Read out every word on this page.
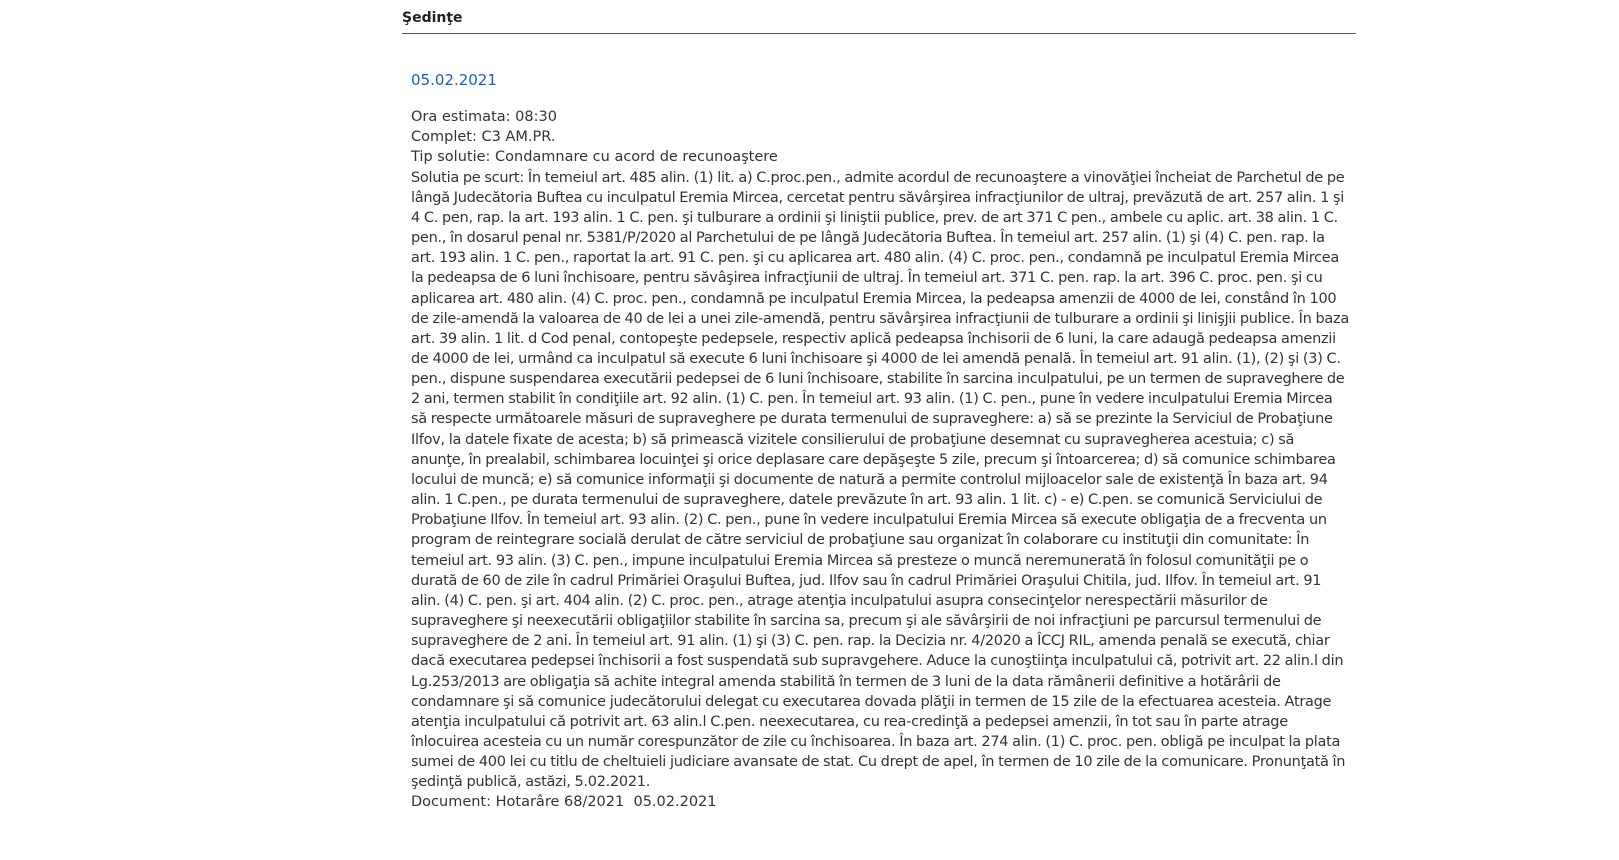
Şedinţe
05.02.2021
Ora estimata: 08:30
Complet: C3 AM.PR.
Tip solutie: Condamnare cu acord de recunoaştere
Solutia pe scurt: În temeiul art. 485 alin. (1) lit. a) C.proc.pen., admite acordul de recunoaştere a vinovăţiei încheiat de Parchetul de pe lângă Judecătoria Buftea cu inculpatul Eremia Mircea, cercetat pentru săvârşirea infracţiunilor de ultraj, prevăzută de art. 257 alin. 1 şi 4 C. pen, rap. la art. 193 alin. 1 C. pen. şi tulburare a ordinii şi liniştii publice, prev. de art 371 C pen., ambele cu aplic. art. 38 alin. 1 C. pen., în dosarul penal nr. 5381/P/2020 al Parchetului de pe lângă Judecătoria Buftea. În temeiul art. 257 alin. (1) şi (4) C. pen. rap. la art. 193 alin. 1 C. pen., raportat la art. 91 C. pen. şi cu aplicarea art. 480 alin. (4) C. proc. pen., condamnă pe inculpatul Eremia Mircea la pedeapsa de 6 luni închisoare, pentru săvâşirea infracţiunii de ultraj. În temeiul art. 371 C. pen. rap. la art. 396 C. proc. pen. şi cu aplicarea art. 480 alin. (4) C. proc. pen., condamnă pe inculpatul Eremia Mircea, la pedeapsa amenzii de 4000 de lei, constând în 100 de zile-amendă la valoarea de 40 de lei a unei zile-amendă, pentru săvârşirea infracţiunii de tulburare a ordinii şi linişjii publice. În baza art. 39 alin. 1 lit. d Cod penal, contopeşte pedepsele, respectiv aplică pedeapsa închisorii de 6 luni, la care adaugă pedeapsa amenzii de 4000 de lei, urmând ca inculpatul să execute 6 luni închisoare şi 4000 de lei amendă penală. În temeiul art. 91 alin. (1), (2) şi (3) C. pen., dispune suspendarea executării pedepsei de 6 luni închisoare, stabilite în sarcina inculpatului, pe un termen de supraveghere de 2 ani, termen stabilit în condiţiile art. 92 alin. (1) C. pen. În temeiul art. 93 alin. (1) C. pen., pune în vedere inculpatului Eremia Mircea să respecte următoarele măsuri de supraveghere pe durata termenului de supraveghere: a) să se prezinte la Serviciul de Probaţiune Ilfov, la datele fixate de acesta; b) să primească vizitele consilierului de probaţiune desemnat cu supravegherea acestuia; c) să anunţe, în prealabil, schimbarea locuinţei şi orice deplasare care depăşeşte 5 zile, precum şi întoarcerea; d) să comunice schimbarea locului de muncă; e) să comunice informaţii şi documente de natură a permite controlul mijloacelor sale de existenţă În baza art. 94 alin. 1 C.pen., pe durata termenului de supraveghere, datele prevăzute în art. 93 alin. 1 lit. c) - e) C.pen. se comunică Serviciului de Probaţiune Ilfov. În temeiul art. 93 alin. (2) C. pen., pune în vedere inculpatului Eremia Mircea să execute obligaţia de a frecventa un program de reintegrare socială derulat de către serviciul de probaţiune sau organizat în colaborare cu instituţii din comunitate: În temeiul art. 93 alin. (3) C. pen., impune inculpatului Eremia Mircea să presteze o muncă neremunerată în folosul comunităţii pe o durată de 60 de zile în cadrul Primăriei Oraşului Buftea, jud. Ilfov sau în cadrul Primăriei Oraşului Chitila, jud. Ilfov. În temeiul art. 91 alin. (4) C. pen. şi art. 404 alin. (2) C. proc. pen., atrage atenţia inculpatului asupra consecinţelor nerespectării măsurilor de supraveghere şi neexecutării obligaţiilor stabilite în sarcina sa, precum şi ale săvârşirii de noi infracţiuni pe parcursul termenului de supraveghere de 2 ani. În temeiul art. 91 alin. (1) şi (3) C. pen. rap. la Decizia nr. 4/2020 a ÎCCJ RIL, amenda penală se execută, chiar dacă executarea pedepsei închisorii a fost suspendată sub supravgehere. Aduce la cunoştiinţa inculpatului că, potrivit art. 22 alin.l din Lg.253/2013 are obligaţia să achite integral amenda stabilită în termen de 3 luni de la data rămânerii definitive a hotărârii de condamnare şi să comunice judecătorului delegat cu executarea dovada plăţii in termen de 15 zile de la efectuarea acesteia. Atrage atenţia inculpatului că potrivit art. 63 alin.l C.pen. neexecutarea, cu rea-credinţă a pedepsei amenzii, în tot sau în parte atrage înlocuirea acesteia cu un număr corespunzător de zile cu închisoarea. În baza art. 274 alin. (1) C. proc. pen. obligă pe inculpat la plata sumei de 400 lei cu titlu de cheltuieli judiciare avansate de stat. Cu drept de apel, în termen de 10 zile de la comunicare. Pronunţată în şedinţă publică, astăzi, 5.02.2021.
Document: Hotarâre 68/2021 05.02.2021
